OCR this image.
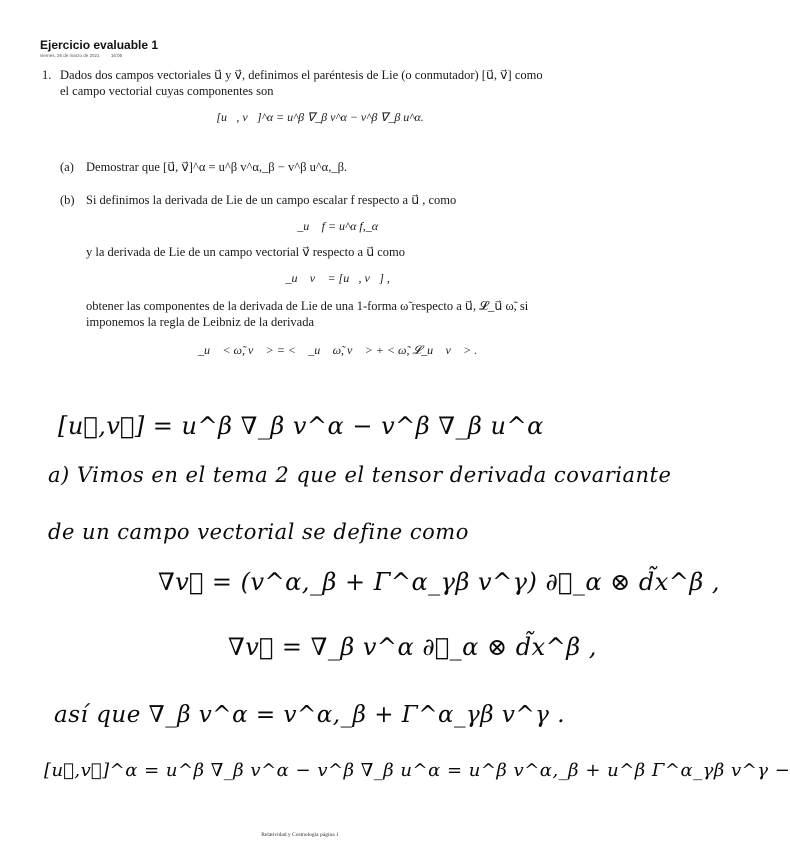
Ejercicio evaluable 1
viernes, 26 de marzo de 2021	16:05
1. Dados dos campos vectoriales u⃗ y v⃗, definimos el paréntesis de Lie (o conmutador) [u⃗, v⃗] como
el campo vectorial cuyas componentes son
[u⃗, v⃗]^α = u^β ∇_β v^α − v^β ∇_β u^α.
(a) Demostrar que [u⃗, v⃗]^α = u^β v^α,_β − v^β u^α,_β.
(b) Si definimos la derivada de Lie de un campo escalar f respecto a u⃗ , como
𝓛_u⃗ f = u^α f,_α
y la derivada de Lie de un campo vectorial v⃗ respecto a u⃗ como
𝓛_u⃗ v⃗ = [u⃗, v⃗] ,
obtener las componentes de la derivada de Lie de una 1-forma ω̃ respecto a u⃗, 𝓛_u⃗ ω̃, si
imponemos la regla de Leibniz de la derivada
𝓛_u⃗ < ω̃, v⃗ > = < 𝓛_u⃗ ω̃, v⃗ > + < ω̃, 𝓛_u⃗ v⃗ > .
[u⃗,v⃗] = u^β ∇_β v^α − v^β ∇_β u^α
a) Vimos en el tema 2 que el tensor derivada covariante
de un campo vectorial se define como
∇v⃗ = (v^α,_β + Γ^α_γβ v^γ) ∂⃗_α ⊗ d̃x^β ,
∇v⃗ = ∇_β v^α ∂⃗_α ⊗ d̃x^β ,
así que ∇_β v^α = v^α,_β + Γ^α_γβ v^γ .
[u⃗,v⃗]^α = u^β ∇_β v^α − v^β ∇_β u^α = u^β v^α,_β + u^β Γ^α_γβ v^γ −
Relatividad y Cosmología página 1
